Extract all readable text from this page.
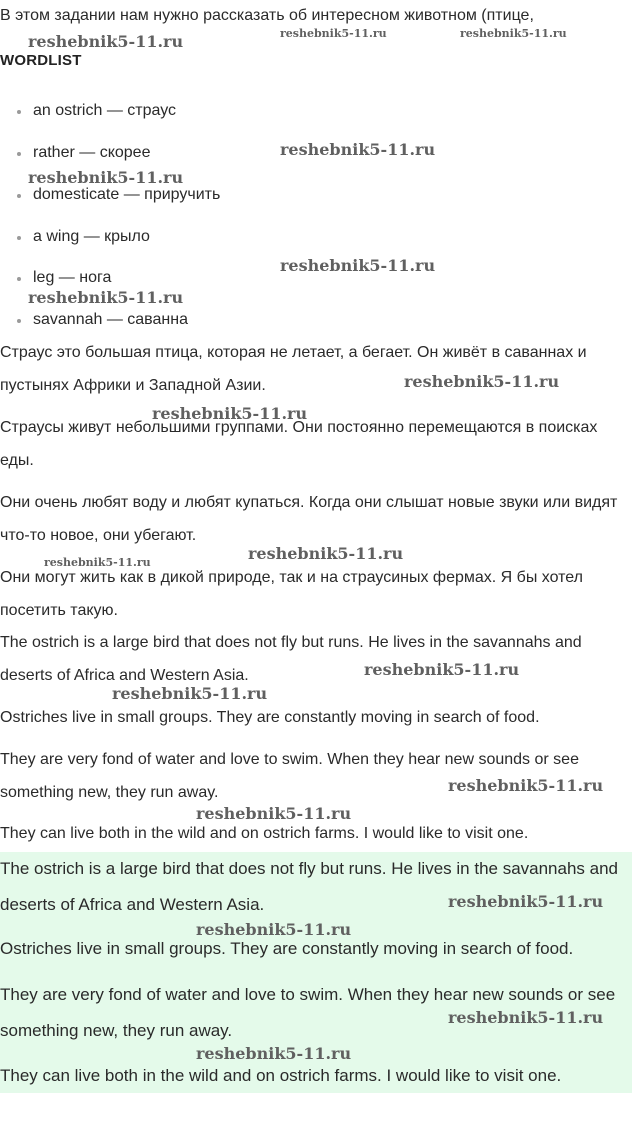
В этом задании нам нужно рассказать об интересном животном (птице,

WORDLIST
an ostrich — страус
rather — скорее
domesticate — приручить
a wing — крыло
leg — нога
savannah — саванна

Страус это большая птица, которая не летает, а бегает. Он живёт в саваннах и пустынях Африки и Западной Азии.

Страусы живут небольшими группами. Они постоянно перемещаются в поисках еды.

Они очень любят воду и любят купаться. Когда они слышат новые звуки или видят что-то новое, они убегают.

Они могут жить как в дикой природе, так и на страусиных фермах. Я бы хотел посетить такую.

The ostrich is a large bird that does not fly but runs. He lives in the savannahs and deserts of Africa and Western Asia.

Ostriches live in small groups. They are constantly moving in search of food.

They are very fond of water and love to swim. When they hear new sounds or see something new, they run away.

They can live both in the wild and on ostrich farms. I would like to visit one.

The ostrich is a large bird that does not fly but runs. He lives in the savannahs and deserts of Africa and Western Asia.

Ostriches live in small groups. They are constantly moving in search of food.

They are very fond of water and love to swim. When they hear new sounds or see something new, they run away.

They can live both in the wild and on ostrich farms. I would like to visit one.

reshebnik5-11.ru	reshebnik5-11.ru	reshebnik5-11.ru
reshebnik5-11.ru
reshebnik5-11.ru
reshebnik5-11.ru
reshebnik5-11.ru
reshebnik5-11.ru
reshebnik5-11.ru
reshebnik5-11.ru	reshebnik5-11.ru
reshebnik5-11.ru
reshebnik5-11.ru
reshebnik5-11.ru
reshebnik5-11.ru
reshebnik5-11.ru
reshebnik5-11.ru
reshebnik5-11.ru
reshebnik5-11.ru
